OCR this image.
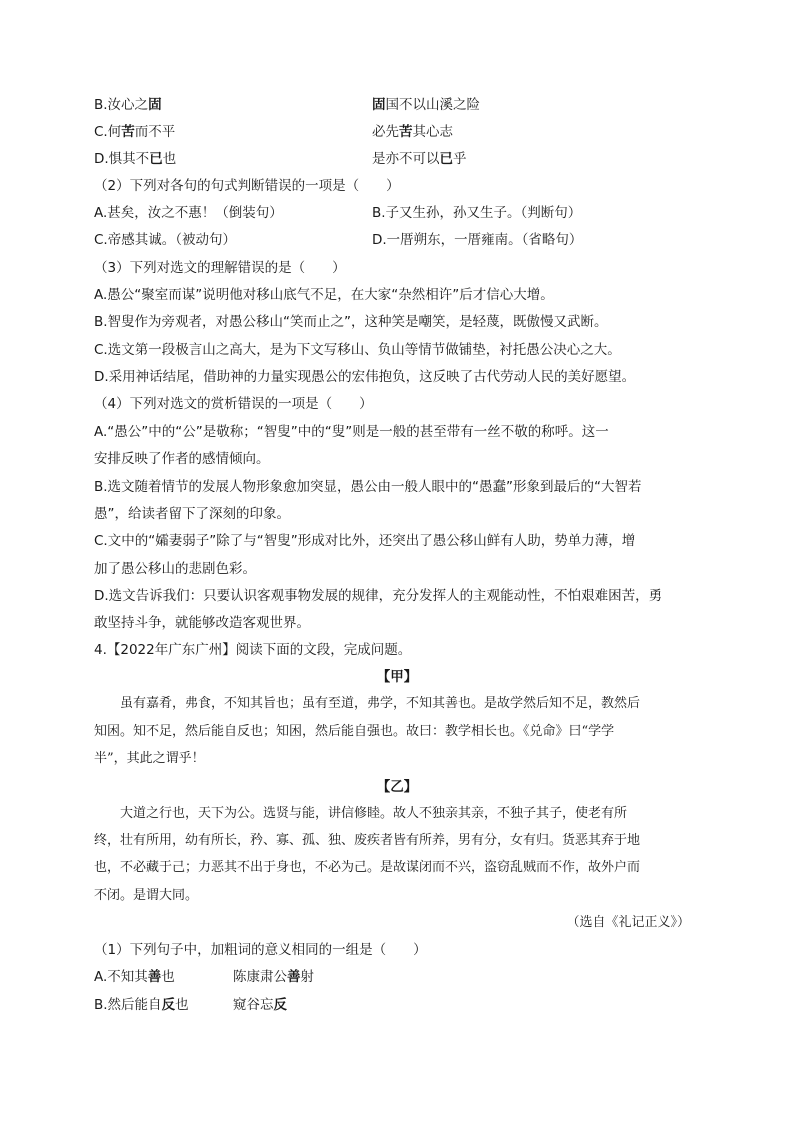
B.汝心之固	固国不以山溪之险
C.何苦而不平	必先苦其心志
D.惧其不已也	是亦不可以已乎
（2）下列对各句的句式判断错误的一项是（　　）
A.甚矣，汝之不惠！（倒装句）	B.子又生孙，孙又生子。（判断句）
C.帝感其诚。（被动句）	D.一厝朔东，一厝雍南。（省略句）
（3）下列对选文的理解错误的是（　　）
A.愚公“聚室而谋”说明他对移山底气不足，在大家“杂然相许”后才信心大增。
B.智叟作为旁观者，对愚公移山“笑而止之”，这种笑是嘲笑，是轻蔑，既傲慢又武断。
C.选文第一段极言山之高大，是为下文写移山、负山等情节做铺垫，衬托愚公决心之大。
D.采用神话结尾，借助神的力量实现愚公的宏伟抱负，这反映了古代劳动人民的美好愿望。
（4）下列对选文的赏析错误的一项是（　　）
A.“愚公”中的“公”是敬称；“智叟”中的“叟”则是一般的甚至带有一丝不敬的称呼。这一
安排反映了作者的感情倾向。
B.选文随着情节的发展人物形象愈加突显，愚公由一般人眼中的“愚蠢”形象到最后的“大智若
愚”，给读者留下了深刻的印象。
C.文中的“孀妻弱子”除了与“智叟”形成对比外，还突出了愚公移山鲜有人助，势单力薄，增
加了愚公移山的悲剧色彩。
D.选文告诉我们：只要认识客观事物发展的规律，充分发挥人的主观能动性，不怕艰难困苦，勇
敢坚持斗争，就能够改造客观世界。
4.【2022年广东广州】阅读下面的文段，完成问题。
【甲】
虽有嘉肴，弗食，不知其旨也；虽有至道，弗学，不知其善也。是故学然后知不足，教然后
知困。知不足，然后能自反也；知困，然后能自强也。故曰：教学相长也。《兑命》曰“学学
半”，其此之谓乎！
【乙】
大道之行也，天下为公。选贤与能，讲信修睦。故人不独亲其亲，不独子其子，使老有所
终，壮有所用，幼有所长，矜、寡、孤、独、废疾者皆有所养，男有分，女有归。货恶其弃于地
也，不必藏于己；力恶其不出于身也，不必为己。是故谋闭而不兴，盗窃乱贼而不作，故外户而
不闭。是谓大同。
（选自《礼记正义》）
（1）下列句子中，加粗词的意义相同的一组是（　　）
A.不知其善也	陈康肃公善射
B.然后能自反也	窥谷忘反
